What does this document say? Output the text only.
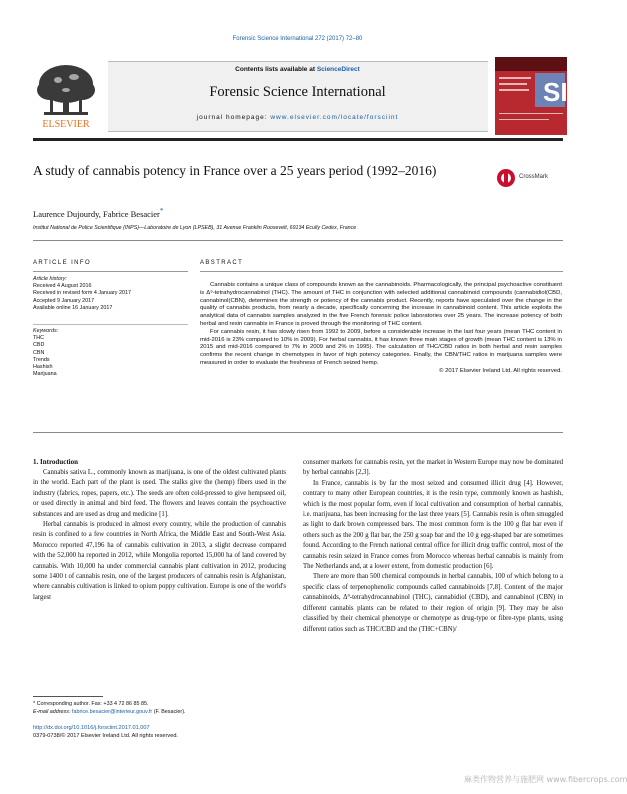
Forensic Science International 272 (2017) 72–80
ELSEVIER
Contents lists available at ScienceDirect
Forensic Science International
journal homepage: www.elsevier.com/locate/forsciint
SI
A study of cannabis potency in France over a 25 years period (1992–2016)	CrossMark
Laurence Dujourdy, Fabrice Besacier*
Institut National de Police Scientifique (INPS)—Laboratoire de Lyon (LPSEB), 31 Avenue Franklin Roosevelt, 69134 Ecully Cedex, France
ARTICLE INFO
Article history:
Received 4 August 2016
Received in revised form 4 January 2017
Accepted 9 January 2017
Available online 16 January 2017
Keywords:
THC
CBD
CBN
Trends
Hashish
Marijuana
ABSTRACT

Cannabis contains a unique class of compounds known as the cannabinoids. Pharmacologically, the principal psychoactive constituent is Δ⁹-tetrahydrocannabinol (THC). The amount of THC in conjunction with selected additional cannabinoid compounds (cannabidiol(CBD, cannabinol(CBN), determines the strength or potency of the cannabis product. Recently, reports have speculated over the change in the quality of cannabis products, from nearly a decade, specifically concerning the increase in cannabinoid content. This article exploits the analytical data of cannabis samples analyzed in the five French forensic police laboratories over 25 years. The increase potency of both herbal and resin cannabis in France is proved through the monitoring of THC content.

For cannabis resin, it has slowly risen from 1992 to 2009, before a considerable increase in the last four years (mean THC content in mid-2016 is 23% compared to 10% in 2009). For herbal cannabis, it has known three main stages of growth (mean THC content is 13% in 2015 and mid-2016 compared to 7% in 2009 and 2% in 1995). The calculation of THC/CBD ratios in both herbal and resin samples confirms the recent change in chemotypes in favor of high potency categories. Finally, the CBN/THC ratios in marijuana samples were measured in order to evaluate the freshness of French seized hemp.

© 2017 Elsevier Ireland Ltd. All rights reserved.
1. Introduction

Cannabis sativa L., commonly known as marijuana, is one of the oldest cultivated plants in the world. Each part of the plant is used. The stalks give the (hemp) fibers used in the industry (fabrics, ropes, papers, etc.). The seeds are often cold-pressed to give hempseed oil, or used directly in animal and bird feed. The flowers and leaves contain the psychoactive substances and are used as drug and medicine [1].

Herbal cannabis is produced in almost every country, while the production of cannabis resin is confined to a few countries in North Africa, the Middle East and South-West Asia. Morocco reported 47,196 ha of cannabis cultivation in 2013, a slight decrease compared with the 52,000 ha reported in 2012, while Mongolia reported 15,000 ha of land covered by cannabis. With 10,000 ha under commercial cannabis plant cultivation in 2012, producing some 1400 t of cannabis resin, one of the largest producers of cannabis resin is Afghanistan, where cannabis cultivation is linked to opium poppy cultivation. Europe is one of the world's largest

consumer markets for cannabis resin, yet the market in Western Europe may now be dominated by herbal cannabis [2,3].

In France, cannabis is by far the most seized and consumed illicit drug [4]. However, contrary to many other European countries, it is the resin type, commonly known as hashish, which is the most popular form, even if local cultivation and consumption of herbal cannabis, i.e. marijuana, has been increasing for the last three years [5]. Cannabis resin is often smuggled as light to dark brown compressed bars. The most common form is the 100 g flat bar even if others such as the 200 g flat bar, the 250 g soap bar and the 10 g egg-shaped bar are sometimes found. According to the French national central office for illicit drug traffic control, most of the cannabis resin seized in France comes from Morocco whereas herbal cannabis is mainly from The Netherlands and, at a lower extent, from domestic production [6].

There are more than 500 chemical compounds in herbal cannabis, 100 of which belong to a specific class of terpenophenolic compounds called cannabinoids [7,8]. Content of the major cannabinoids, Δ⁹-tetrahydrocannabinol (THC), cannabidiol (CBD), and cannabinol (CBN) in different cannabis plants can be related to their region of origin [9]. They may be also classified by their chemical phenotype or chemotype as drug-type or fibre-type plants, using different ratios such as THC/CBD and the (THC+CBN)/

* Corresponding author. Fax: +33 4 72 86 85 85.
E-mail address: fabrice.besacier@interieur.gouv.fr (F. Besacier).
http://dx.doi.org/10.1016/j.forsciint.2017.01.007
0379-0738/© 2017 Elsevier Ireland Ltd. All rights reserved.
麻类作物营养与施肥网 www.fibercrops.com
